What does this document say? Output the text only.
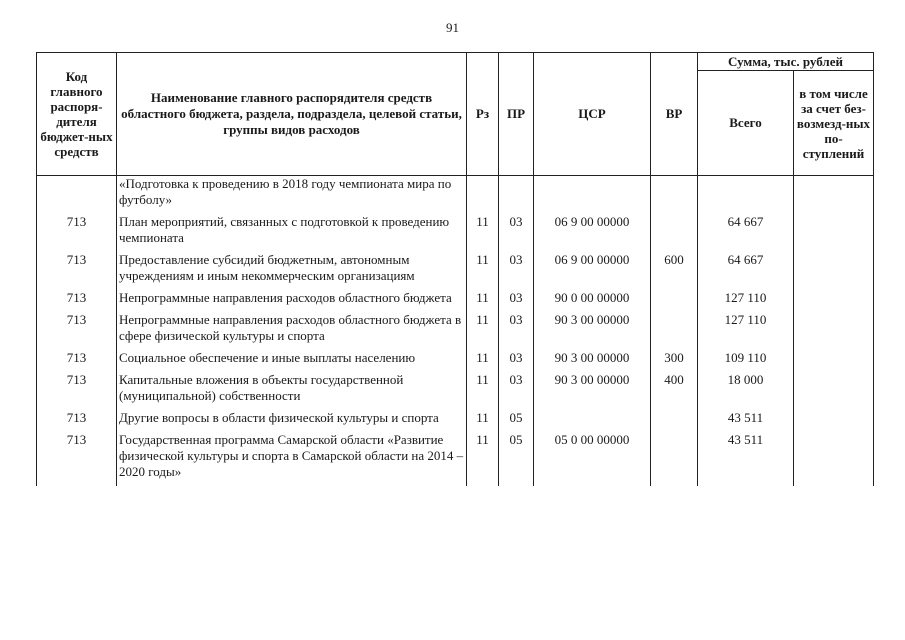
91
Код главного распоря-дителя бюджет-ных средств	Наименование главного распорядителя средств областного бюджета, раздела, подраздела, целевой статьи, группы видов расходов	Рз	ПР	ЦСР	ВР	Сумма, тыс. рублей	
						Всего	в том числе за счет без-возмезд-ных по-ступлений
	«Подготовка к проведению в 2018 году чемпионата мира по футболу»						
713	План мероприятий, связанных с подготовкой к проведению чемпионата	11	03	06 9 00 00000		64 667	
713	Предоставление субсидий бюджетным, автономным учреждениям и иным некоммерческим организациям	11	03	06 9 00 00000	600	64 667	
713	Непрограммные направления расходов областного бюджета	11	03	90 0 00 00000		127 110	
713	Непрограммные направления расходов областного бюджета в сфере физической культуры и спорта	11	03	90 3 00 00000		127 110	
713	Социальное обеспечение и иные выплаты населению	11	03	90 3 00 00000	300	109 110	
713	Капитальные вложения в объекты государственной (муниципальной) собственности	11	03	90 3 00 00000	400	18 000	
713	Другие вопросы в области физической культуры и спорта	11	05			43 511	
713	Государственная программа Самарской области «Развитие физической культуры и спорта в Самарской области на 2014 – 2020 годы»	11	05	05 0 00 00000		43 511	
